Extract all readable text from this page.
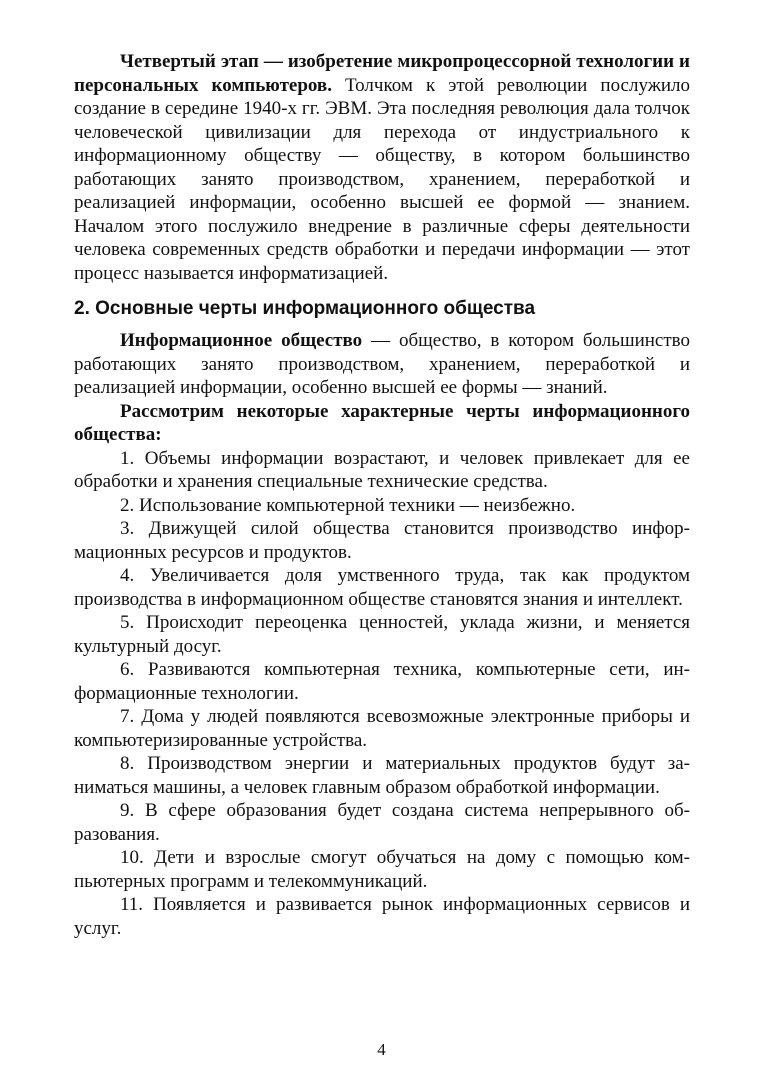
Четвертый этап — изобретение микропроцессорной технологии и персональных компьютеров. Толчком к этой революции послужило создание в середине 1940-х гг. ЭВМ. Эта последняя революция дала толчок человеческой цивилизации для перехода от индустриального к информационному обществу — обществу, в котором большинство работающих занято производством, хранением, переработкой и реализацией информации, особенно высшей ее формой — знанием. Началом этого послужило внедрение в различные сферы деятельности человека современных средств обработки и передачи информации — этот процесс называется информатизацией.

2. Основные черты информационного общества

Информационное общество — общество, в котором большинство работающих занято производством, хранением, переработкой и реализацией информации, особенно высшей ее формы — знаний.

Рассмотрим некоторые характерные черты информационного общества:

1. Объемы информации возрастают, и человек привлекает для ее обработки и хранения специальные технические средства.

2. Использование компьютерной техники — неизбежно.

3. Движущей силой общества становится производство информационных ресурсов и продуктов.

4. Увеличивается доля умственного труда, так как продуктом производства в информационном обществе становятся знания и интеллект.

5. Происходит переоценка ценностей, уклада жизни, и меняется культурный досуг.

6. Развиваются компьютерная техника, компьютерные сети, информационные технологии.

7. Дома у людей появляются всевозможные электронные приборы и компьютеризированные устройства.

8. Производством энергии и материальных продуктов будут заниматься машины, а человек главным образом обработкой информации.

9. В сфере образования будет создана система непрерывного образования.

10. Дети и взрослые смогут обучаться на дому с помощью компьютерных программ и телекоммуникаций.

11. Появляется и развивается рынок информационных сервисов и услуг.

4
